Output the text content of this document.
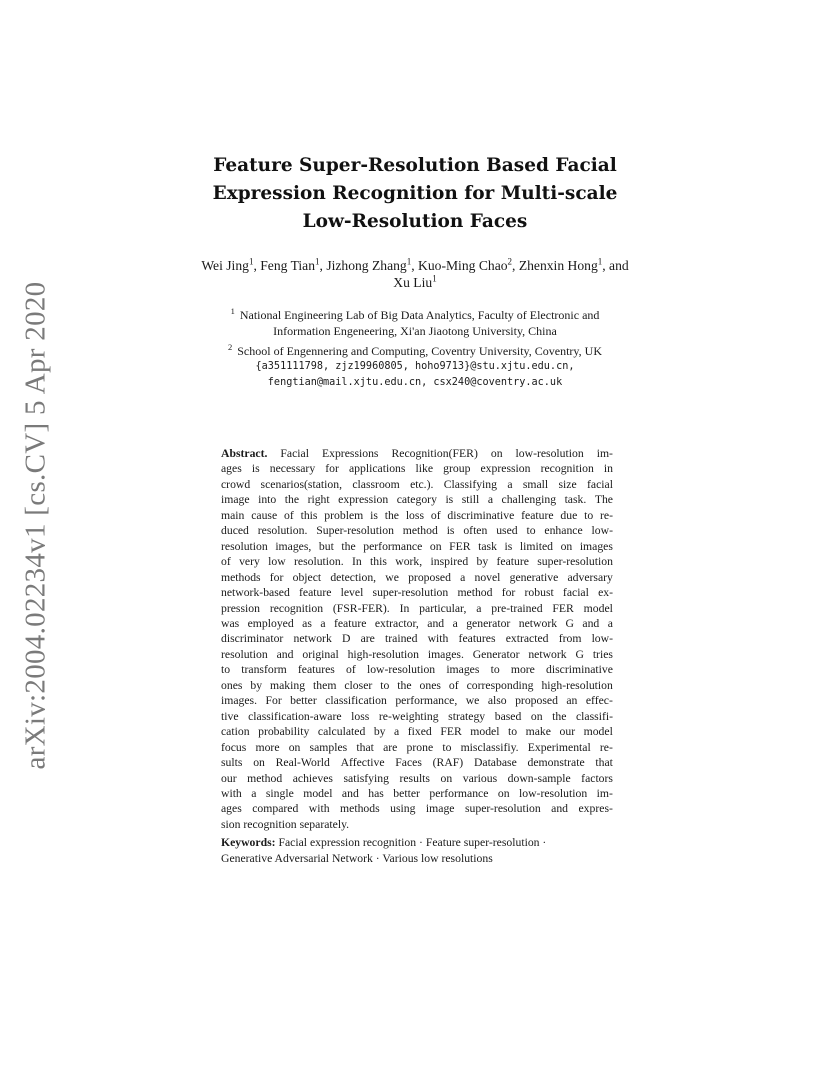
arXiv:2004.02234v1 [cs.CV] 5 Apr 2020
Feature Super-Resolution Based Facial
Expression Recognition for Multi-scale
Low-Resolution Faces
Wei Jing$^1$, Feng Tian$^1$, Jizhong Zhang$^1$, Kuo-Ming Chao$^2$, Zhenxin Hong$^1$, and
Xu Liu$^1$
$^1$ National Engineering Lab of Big Data Analytics, Faculty of Electronic and
Information Engeneering, Xi'an Jiaotong University, China
$^2$ School of Engennering and Computing, Coventry University, Coventry, UK
{a351111798, zjz19960805, hoho9713}@stu.xjtu.edu.cn,
fengtian@mail.xjtu.edu.cn, csx240@coventry.ac.uk
Abstract. Facial Expressions Recognition(FER) on low-resolution im-
ages is necessary for applications like group expression recognition in
crowd scenarios(station, classroom etc.). Classifying a small size facial
image into the right expression category is still a challenging task. The
main cause of this problem is the loss of discriminative feature due to re-
duced resolution. Super-resolution method is often used to enhance low-
resolution images, but the performance on FER task is limited on images
of very low resolution. In this work, inspired by feature super-resolution
methods for object detection, we proposed a novel generative adversary
network-based feature level super-resolution method for robust facial ex-
pression recognition (FSR-FER). In particular, a pre-trained FER model
was employed as a feature extractor, and a generator network G and a
discriminator network D are trained with features extracted from low-
resolution and original high-resolution images. Generator network G tries
to transform features of low-resolution images to more discriminative
ones by making them closer to the ones of corresponding high-resolution
images. For better classification performance, we also proposed an effec-
tive classification-aware loss re-weighting strategy based on the classifi-
cation probability calculated by a fixed FER model to make our model
focus more on samples that are prone to misclassifiy. Experimental re-
sults on Real-World Affective Faces (RAF) Database demonstrate that
our method achieves satisfying results on various down-sample factors
with a single model and has better performance on low-resolution im-
ages compared with methods using image super-resolution and expres-
sion recognition separately.
Keywords: Facial expression recognition · Feature super-resolution ·
Generative Adversarial Network · Various low resolutions
